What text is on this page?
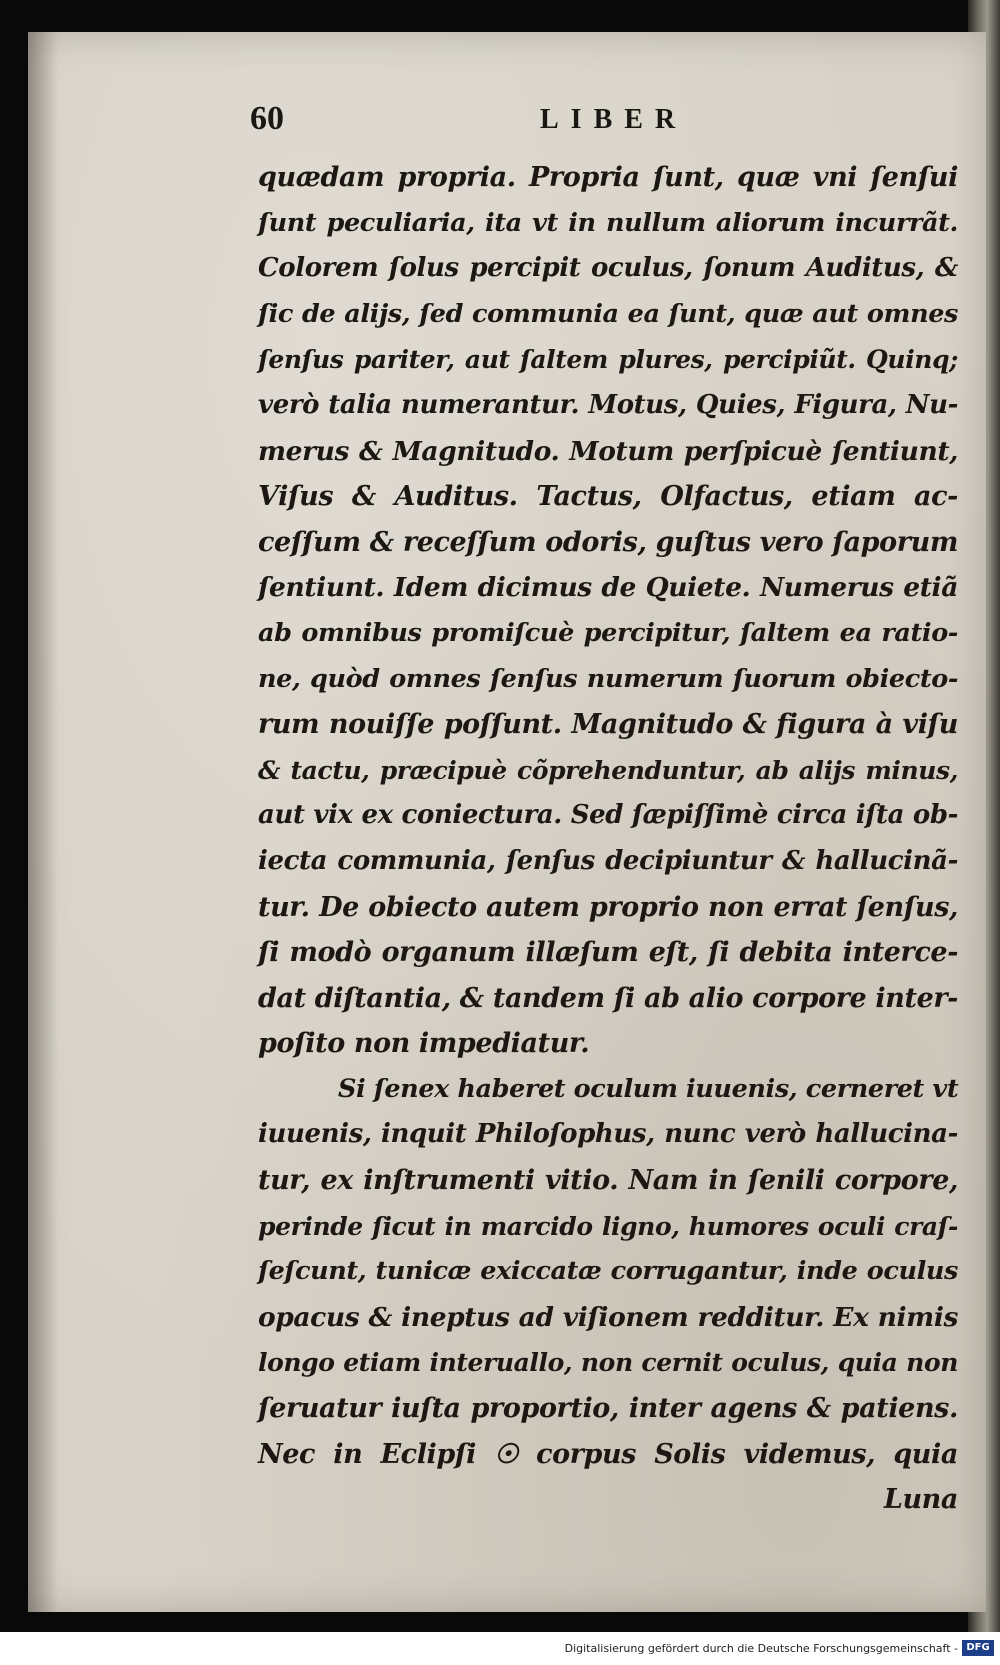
60	LIBER
quædam propria. Propria ſunt, quæ vni ſenſui
ſunt peculiaria, ita vt in nullum aliorum incurrãt.
Colorem ſolus percipit oculus, ſonum Auditus, &
ſic de alijs, ſed communia ea ſunt, quæ aut omnes
ſenſus pariter, aut ſaltem plures, percipiũt. Quinq;
verò talia numerantur. Motus, Quies, Figura, Nu-
merus & Magnitudo. Motum perſpicuè ſentiunt,
Viſus & Auditus. Tactus, Olfactus, etiam ac-
ceſſum & receſſum odoris, guſtus vero ſaporum
ſentiunt. Idem dicimus de Quiete. Numerus etiã
ab omnibus promiſcuè percipitur, ſaltem ea ratio-
ne, quòd omnes ſenſus numerum ſuorum obiecto-
rum nouiſſe poſſunt. Magnitudo & figura à viſu
& tactu, præcipuè cõprehenduntur, ab alijs minus,
aut vix ex coniectura. Sed ſæpiſſimè circa iſta ob-
iecta communia, ſenſus decipiuntur & hallucinã-
tur. De obiecto autem proprio non errat ſenſus,
ſi modò organum illæſum eſt, ſi debita interce-
dat diſtantia, & tandem ſi ab alio corpore inter-
poſito non impediatur.
Si ſenex haberet oculum iuuenis, cerneret vt
iuuenis, inquit Philoſophus, nunc verò hallucina-
tur, ex inſtrumenti vitio. Nam in ſenili corpore,
perinde ſicut in marcido ligno, humores oculi craſ-
ſeſcunt, tunicæ exiccatæ corrugantur, inde oculus
opacus & ineptus ad viſionem redditur. Ex nimis
longo etiam interuallo, non cernit oculus, quia non
ſeruatur iuſta proportio, inter agens & patiens.
Nec in Eclipſi ☉ corpus Solis videmus, quia
Luna
Digitalisierung gefördert durch die Deutsche Forschungsgemeinschaft - DFG
